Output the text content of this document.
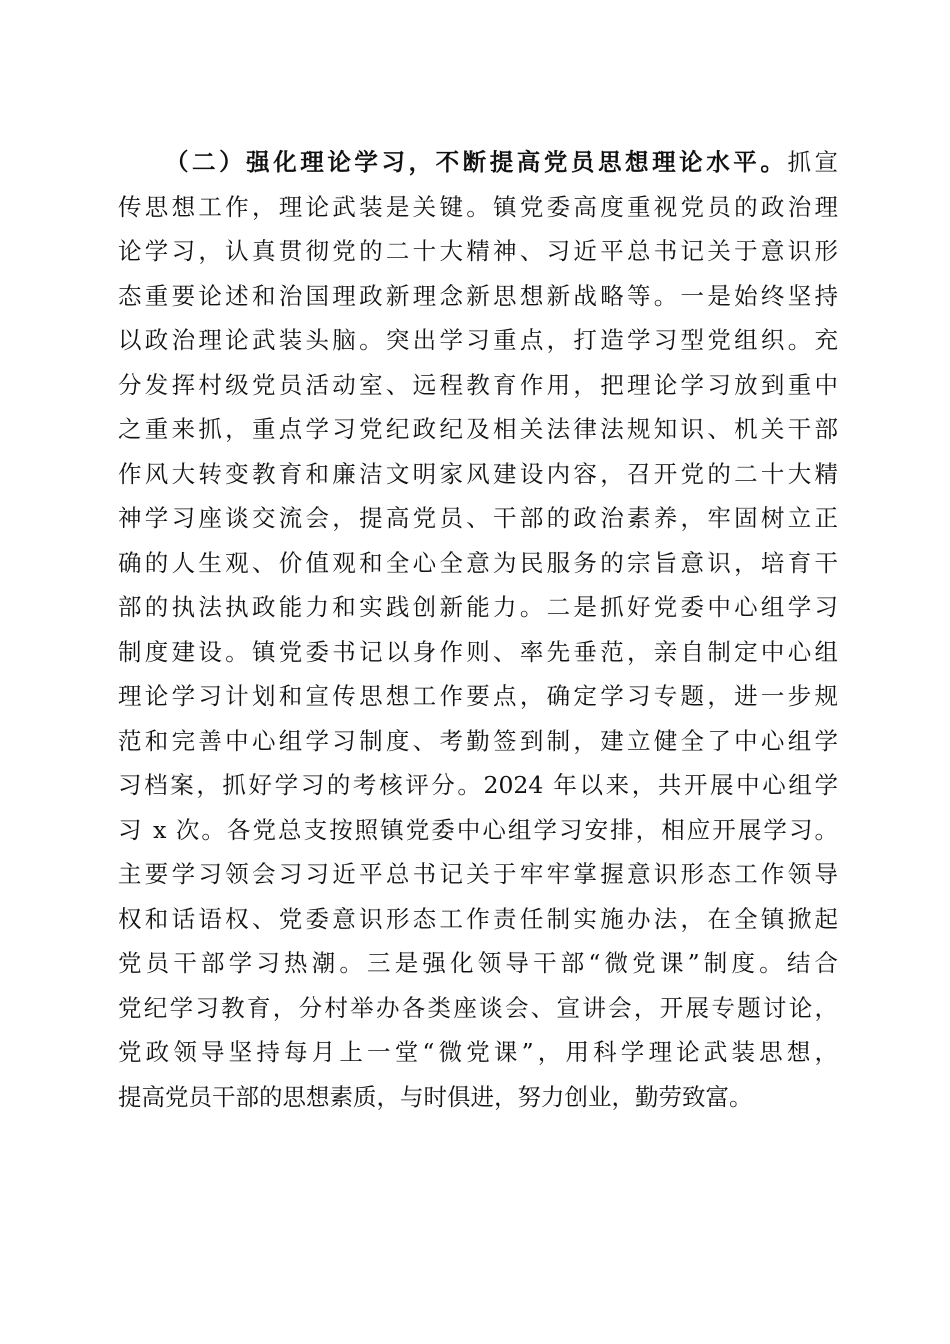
（二）强化理论学习，不断提高党员思想理论水平。抓宣
传思想工作，理论武装是关键。镇党委高度重视党员的政治理
论学习，认真贯彻党的二十大精神、习近平总书记关于意识形
态重要论述和治国理政新理念新思想新战略等。一是始终坚持
以政治理论武装头脑。突出学习重点，打造学习型党组织。充
分发挥村级党员活动室、远程教育作用，把理论学习放到重中
之重来抓，重点学习党纪政纪及相关法律法规知识、机关干部
作风大转变教育和廉洁文明家风建设内容，召开党的二十大精
神学习座谈交流会，提高党员、干部的政治素养，牢固树立正
确的人生观、价值观和全心全意为民服务的宗旨意识，培育干
部的执法执政能力和实践创新能力。二是抓好党委中心组学习
制度建设。镇党委书记以身作则、率先垂范，亲自制定中心组
理论学习计划和宣传思想工作要点，确定学习专题，进一步规
范和完善中心组学习制度、考勤签到制，建立健全了中心组学
习档案，抓好学习的考核评分。2024 年以来，共开展中心组学
习 x 次。各党总支按照镇党委中心组学习安排，相应开展学习。
主要学习领会习习近平总书记关于牢牢掌握意识形态工作领导
权和话语权、党委意识形态工作责任制实施办法，在全镇掀起
党员干部学习热潮。三是强化领导干部“微党课”制度。结合
党纪学习教育，分村举办各类座谈会、宣讲会，开展专题讨论，
党政领导坚持每月上一堂“微党课”，用科学理论武装思想，
提高党员干部的思想素质，与时俱进，努力创业，勤劳致富。
